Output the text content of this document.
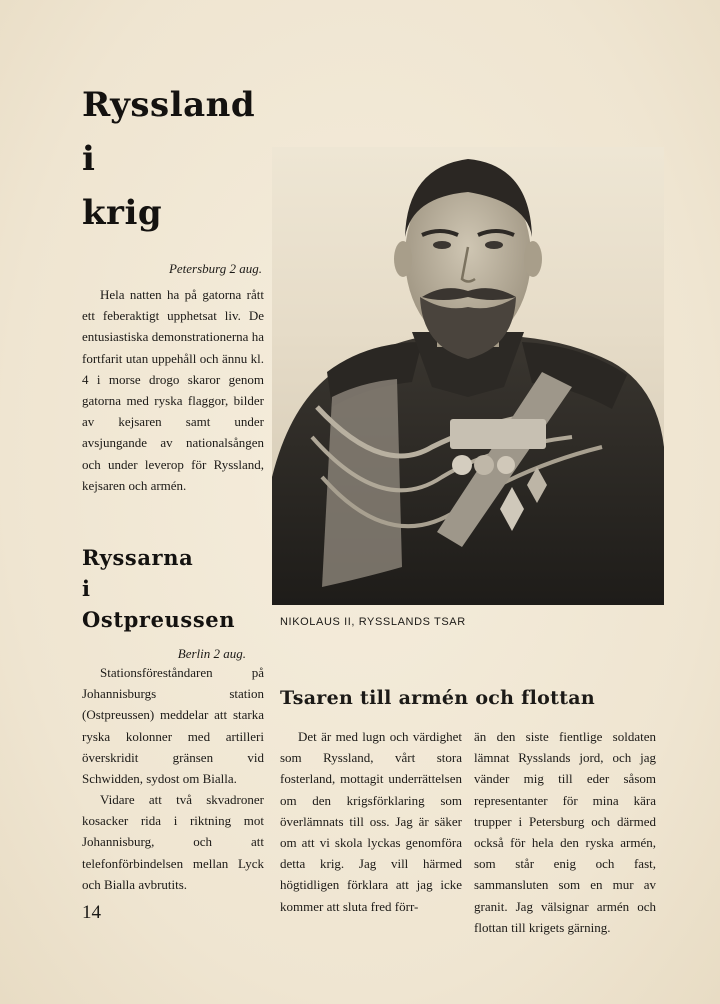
Ryssland
i
krig

Petersburg 2 aug.

Hela natten ha på gatorna rått ett feberaktigt upphetsat liv. De entusiastiska demonstrationerna ha fortfarit utan uppehåll och ännu kl. 4 i morse drogo skaror genom gatorna med ryska flaggor, bilder av kejsaren samt under avsjungande av nationalsången och under leverop för Ryssland, kejsaren och armén.

Ryssarna
i
Ostpreussen

Berlin 2 aug.

Stationsföreståndaren på Johannisburgs station (Ostpreussen) meddelar att starka ryska kolonner med artilleri överskridit gränsen vid Schwidden, sydost om Bialla.

Vidare att två skvadroner kosacker rida i riktning mot Johannisburg, och att telefonförbindelsen mellan Lyck och Bialla avbrutits.

NIKOLAUS II, RYSSLANDS TSAR

Tsaren till armén och flottan

Det är med lugn och värdighet som Ryssland, vårt stora fosterland, mottagit underrättelsen om den krigsförklaring som överlämnats till oss. Jag är säker om att vi skola lyckas genomföra detta krig. Jag vill härmed högtidligen förklara att jag icke kommer att sluta fred förr-

än den siste fientlige soldaten lämnat Rysslands jord, och jag vänder mig till eder såsom representanter för mina kära trupper i Petersburg och därmed också för hela den ryska armén, som står enig och fast, sammansluten som en mur av granit. Jag välsignar armén och flottan till krigets gärning.

14
